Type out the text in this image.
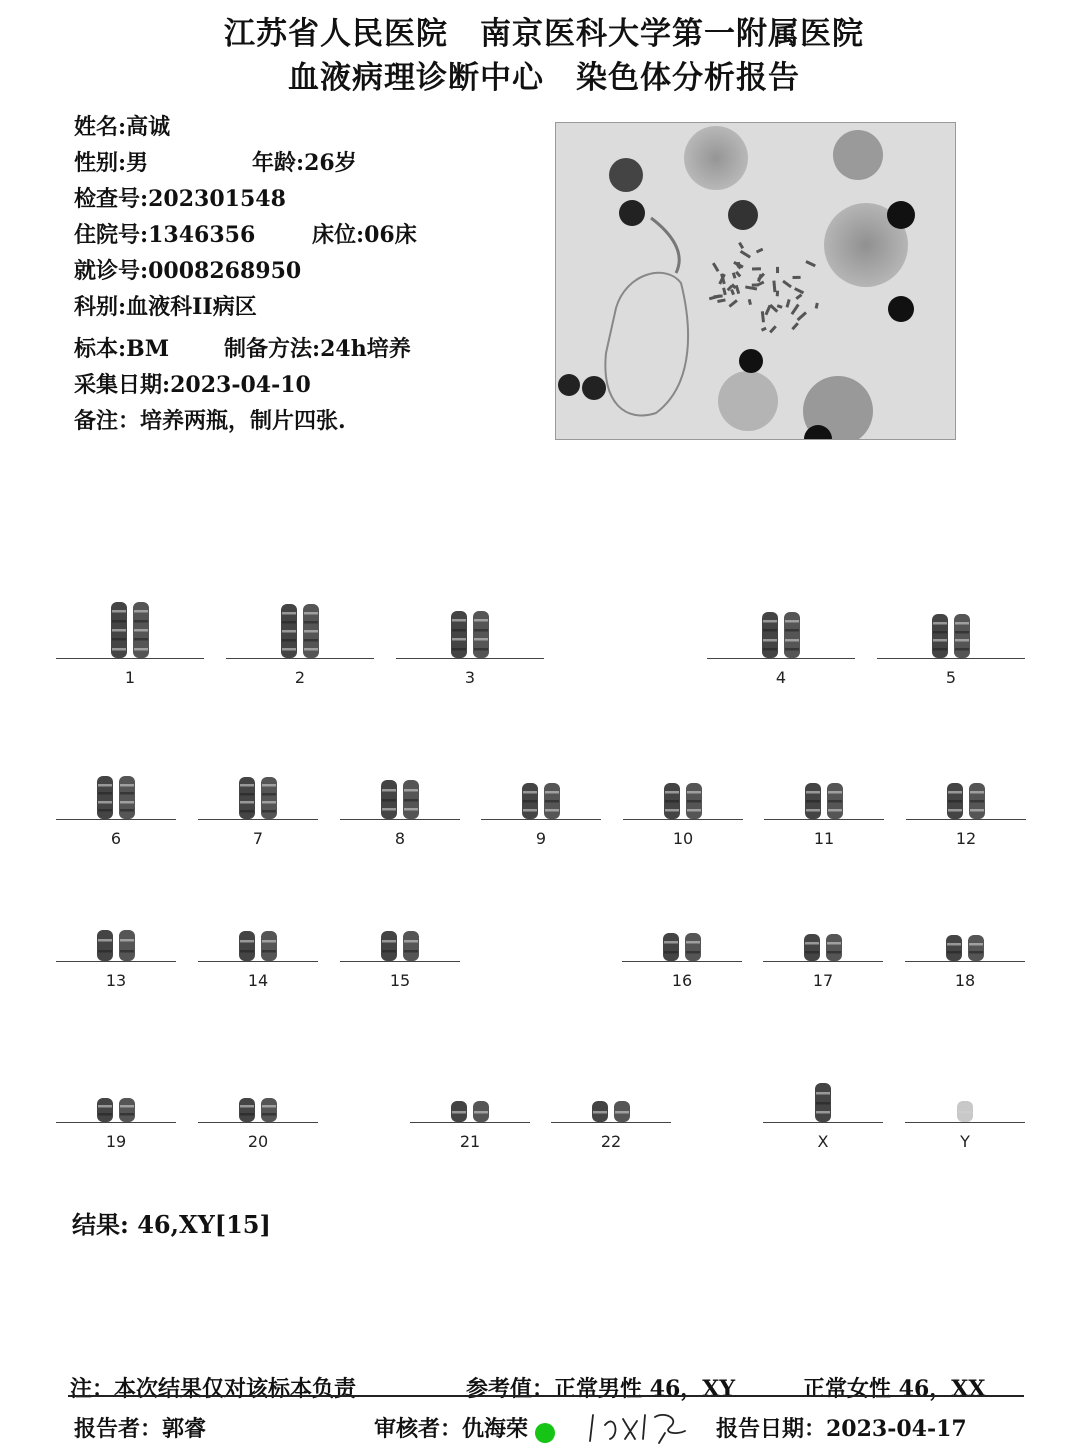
江苏省人民医院　南京医科大学第一附属医院
血液病理诊断中心　染色体分析报告
姓名:高诚
性别:男	年龄:26岁
检查号:202301548
住院号:1346356	床位:06床
就诊号:0008268950
科别:血液科II病区
标本:BM 制备方法:24h培养
采集日期:2023-04-10
备注：培养两瓶，制片四张.
1	2	3	4	5
6	7	8	9	10	11	12
13	14	15	16	17	18
19	20	21	22	X	Y
结果: 46,XY[15]
注：本次结果仅对该标本负责	参考值：正常男性 46，XY	正常女性 46，XX
报告者：郭睿	审核者：仇海荣	报告日期：2023-04-17
